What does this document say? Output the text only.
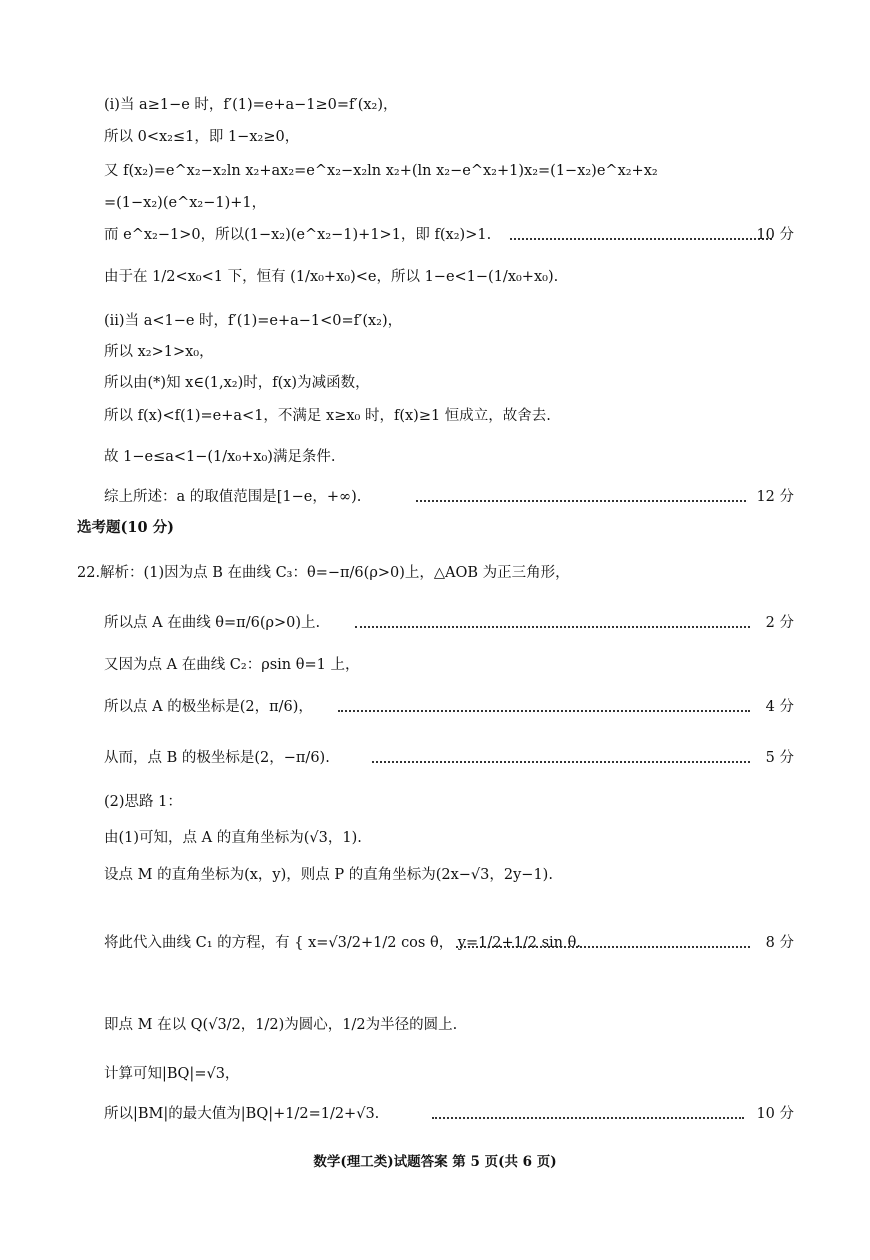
(ⅰ)当 a≥1−e 时，f′(1)=e+a−1≥0=f′(x₂)，
所以 0<x₂≤1，即 1−x₂≥0，
又 f(x₂)=e^x₂−x₂ln x₂+ax₂=e^x₂−x₂ln x₂+(ln x₂−e^x₂+1)x₂=(1−x₂)e^x₂+x₂
=(1−x₂)(e^x₂−1)+1，
而 e^x₂−1>0，所以(1−x₂)(e^x₂−1)+1>1，即 f(x₂)>1.	10 分
由于在 1/2<x₀<1 下，恒有 (1/x₀+x₀)<e，所以 1−e<1−(1/x₀+x₀).
(ⅱ)当 a<1−e 时，f′(1)=e+a−1<0=f′(x₂)，
所以 x₂>1>x₀，
所以由(*)知 x∈(1,x₂)时，f(x)为减函数，
所以 f(x)<f(1)=e+a<1，不满足 x≥x₀ 时，f(x)≥1 恒成立，故舍去.
故 1−e≤a<1−(1/x₀+x₀)满足条件.
综上所述：a 的取值范围是[1−e，+∞).	12 分
选考题(10 分)
22.解析：(1)因为点 B 在曲线 C₃：θ=−π/6(ρ>0)上，△AOB 为正三角形，
所以点 A 在曲线 θ=π/6(ρ>0)上.	2 分
又因为点 A 在曲线 C₂：ρsin θ=1 上，
所以点 A 的极坐标是(2，π/6)，	4 分
从而，点 B 的极坐标是(2，−π/6).	5 分
(2)思路 1：
由(1)可知，点 A 的直角坐标为(√3，1).
设点 M 的直角坐标为(x，y)，则点 P 的直角坐标为(2x−√3，2y−1).
将此代入曲线 C₁ 的方程，有 { x=√3/2+1/2 cos θ， y=1/2+1/2 sin θ.	8 分
即点 M 在以 Q(√3/2，1/2)为圆心，1/2为半径的圆上.
计算可知|BQ|=√3，
所以|BM|的最大值为|BQ|+1/2=1/2+√3.	10 分
数学(理工类)试题答案 第 5 页(共 6 页)
